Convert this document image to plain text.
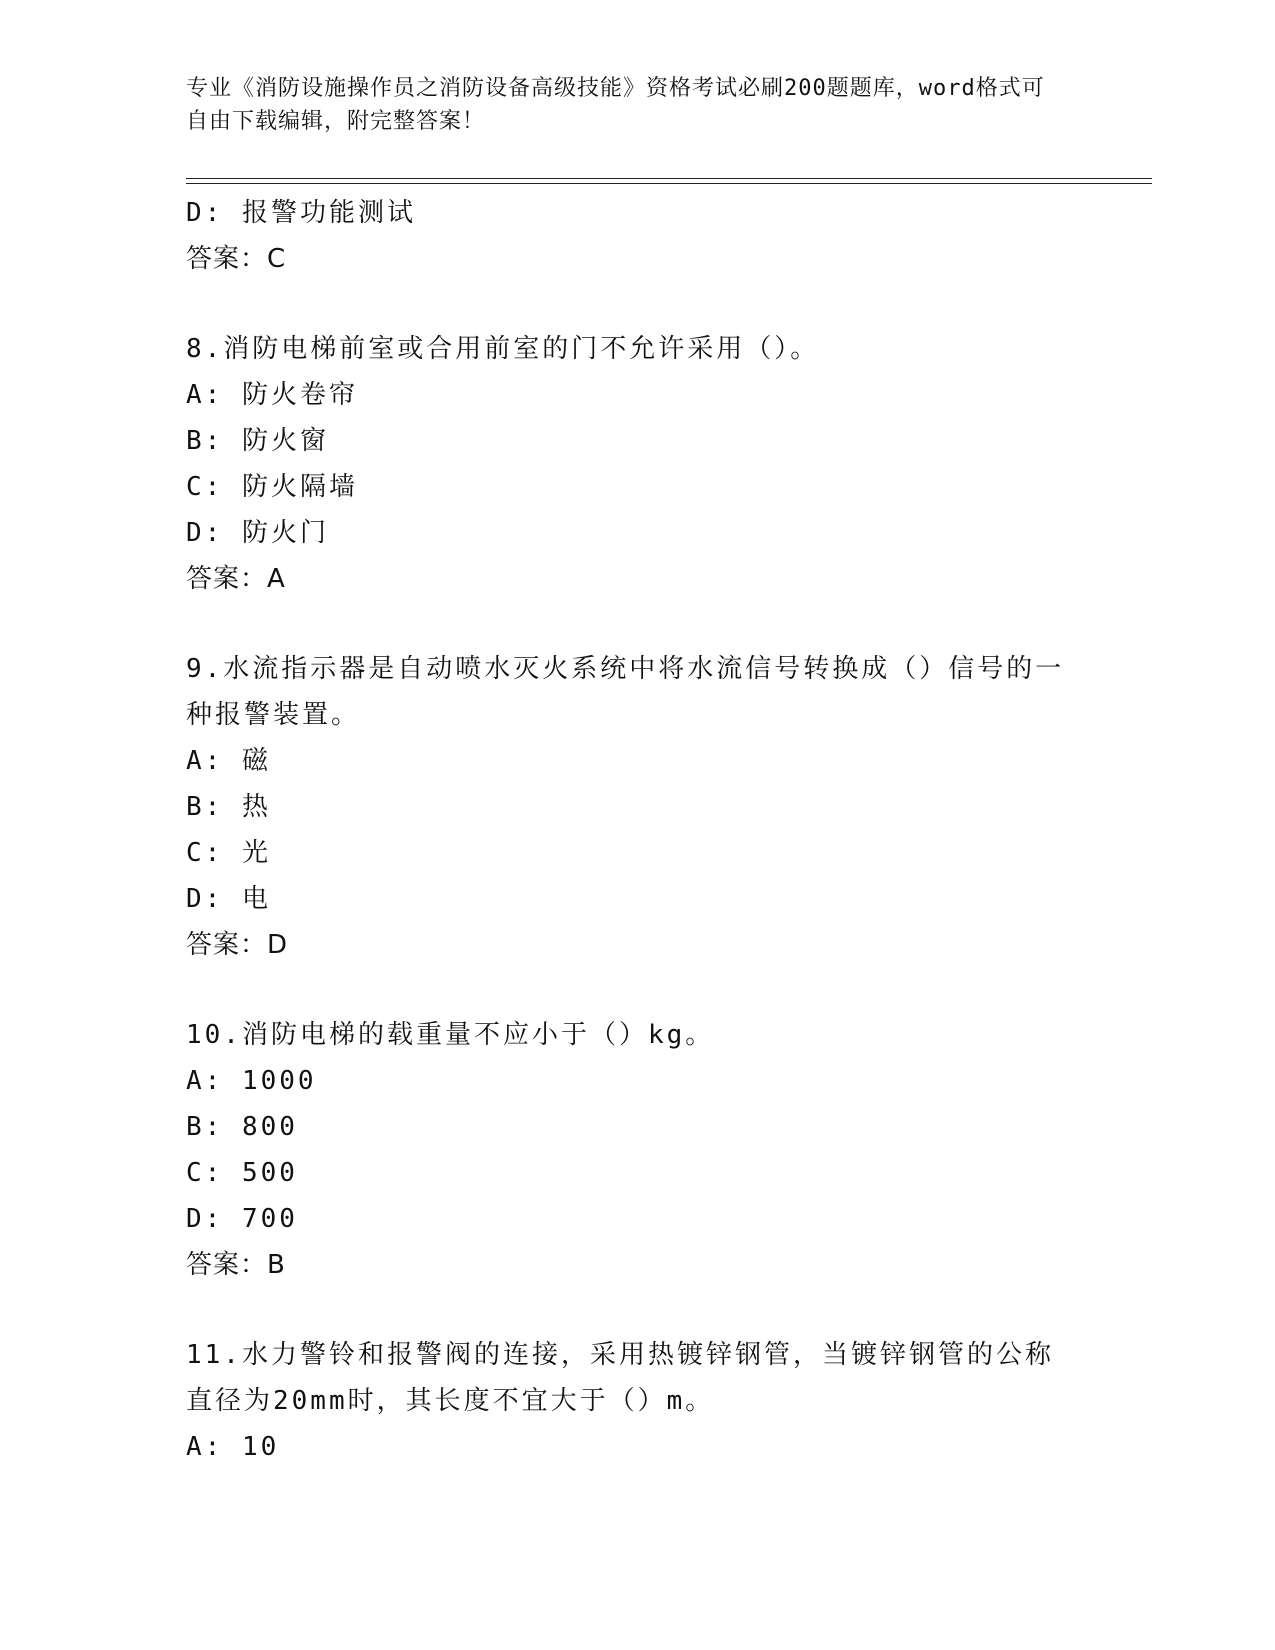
专业《消防设施操作员之消防设备高级技能》资格考试必刷200题题库，word格式可自由下载编辑，附完整答案！
D: 报警功能测试
答案：C
8.消防电梯前室或合用前室的门不允许采用（）。
A: 防火卷帘
B: 防火窗
C: 防火隔墙
D: 防火门
答案：A
9.水流指示器是自动喷水灭火系统中将水流信号转换成（）信号的一种报警装置。
A: 磁
B: 热
C: 光
D: 电
答案：D
10.消防电梯的载重量不应小于（）kg。
A: 1000
B: 800
C: 500
D: 700
答案：B
11.水力警铃和报警阀的连接，采用热镀锌钢管，当镀锌钢管的公称直径为20mm时，其长度不宜大于（）m。
A: 10
